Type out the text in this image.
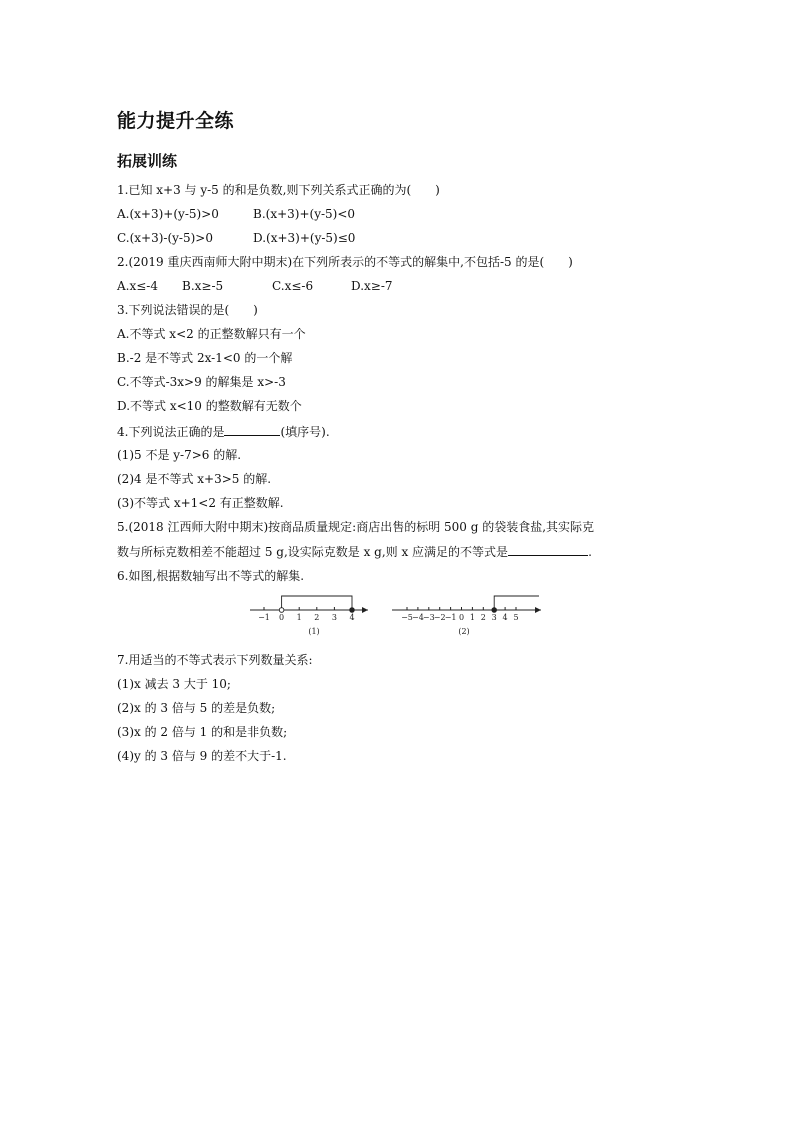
能力提升全练
拓展训练
1.已知 x+3 与 y-5 的和是负数,则下列关系式正确的为(　　)
A.(x+3)+(y-5)>0	B.(x+3)+(y-5)<0
C.(x+3)-(y-5)>0	D.(x+3)+(y-5)≤0
2.(2019 重庆西南师大附中期末)在下列所表示的不等式的解集中,不包括-5 的是(　　)
A.x≤-4 B.x≥-5	C.x≤-6	D.x≥-7
3.下列说法错误的是(　　)
A.不等式 x<2 的正整数解只有一个
B.-2 是不等式 2x-1<0 的一个解
C.不等式-3x>9 的解集是 x>-3
D.不等式 x<10 的整数解有无数个
4.下列说法正确的是	(填序号).
(1)5 不是 y-7>6 的解.
(2)4 是不等式 x+3>5 的解.
(3)不等式 x+1<2 有正整数解.
5.(2018 江西师大附中期末)按商品质量规定:商店出售的标明 500 g 的袋装食盐,其实际克
数与所标克数相差不能超过 5 g,设实际克数是 x g,则 x 应满足的不等式是	.
6.如图,根据数轴写出不等式的解集.
−1 0 1 2 3 4
(1)
−5 −4 −3 −2 −1 0 1 2 3 4 5
(2)
7.用适当的不等式表示下列数量关系:
(1)x 减去 3 大于 10;
(2)x 的 3 倍与 5 的差是负数;
(3)x 的 2 倍与 1 的和是非负数;
(4)y 的 3 倍与 9 的差不大于-1.
